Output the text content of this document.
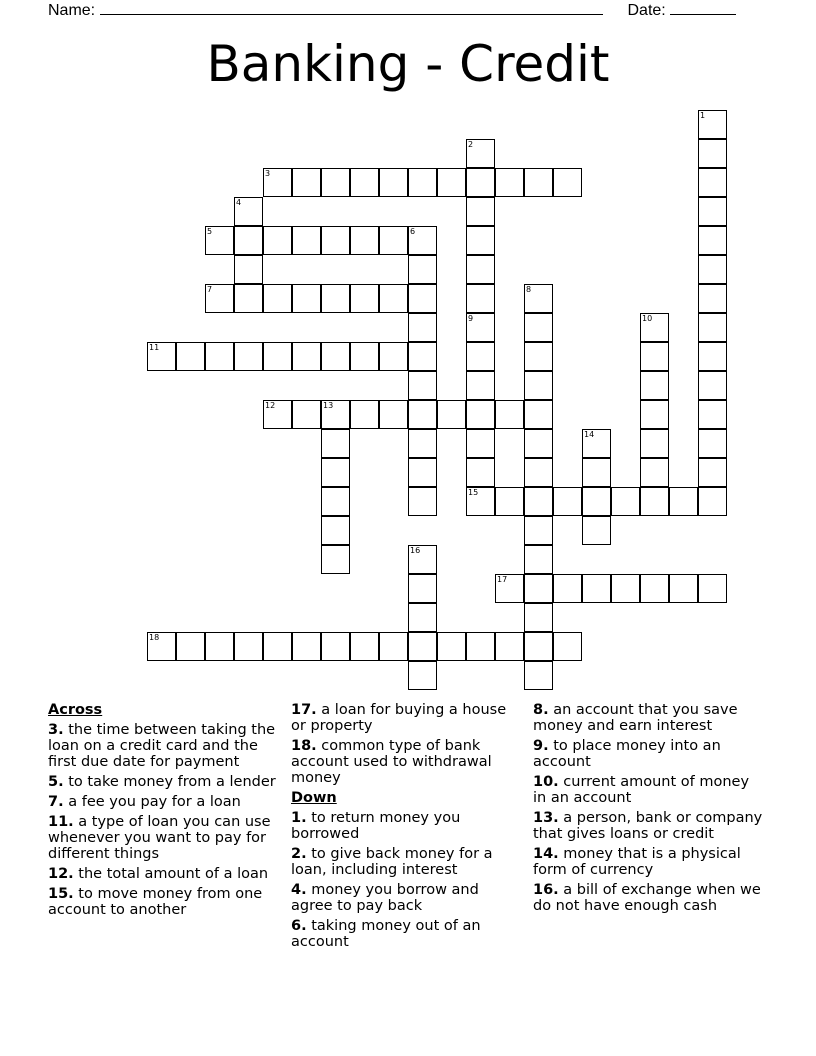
Name:	Date:
Banking - Credit
3
5
7
11
12	13
15
17
18
1
2
4
6
8
9	10
14
16
Across
3. the time between taking the loan on a credit card and the first due date for payment
5. to take money from a lender
7. a fee you pay for a loan
11. a type of loan you can use whenever you want to pay for different things
12. the total amount of a loan
15. to move money from one account to another
17. a loan for buying a house or property
18. common type of bank account used to withdrawal money
Down
1. to return money you borrowed
2. to give back money for a loan, including interest
4. money you borrow and agree to pay back
6. taking money out of an account
8. an account that you save money and earn interest
9. to place money into an account
10. current amount of money in an account
13. a person, bank or company that gives loans or credit
14. money that is a physical form of currency
16. a bill of exchange when we do not have enough cash
